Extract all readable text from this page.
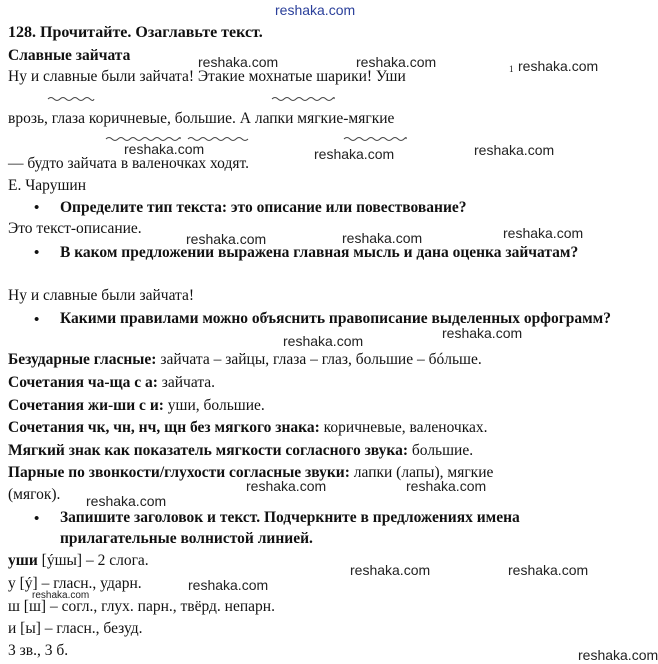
reshaka.com
128. Прочитайте. Озаглавьте текст.
Славные зайчата
Ну и славные были зайчата! Этакие мохнатые шарики! Уши	1
врозь, глаза коричневые, большие. А лапки мягкие-мягкие
— будто зайчата в валеночках ходят.
Е. Чарушин
• Определите тип текста: это описание или повествование?
Это текст-описание.
• В каком предложении выражена главная мысль и дана оценка зайчатам?
Ну и славные были зайчата!
• Какими правилами можно объяснить правописание выделенных орфограмм?
Безударные гласные: зайчата – зайцы, глаза – глаз, большие – бóльше.
Сочетания ча-ща с а: зайчата.
Сочетания жи-ши с и: уши, большие.
Сочетания чк, чн, нч, щн без мягкого знака: коричневые, валеночках.
Мягкий знак как показатель мягкости согласного звука: большие.
Парные по звонкости/глухости согласные звуки: лапки (лапы), мягкие
(мягок).
• Запишите заголовок и текст. Подчеркните в предложениях имена прилагательные волнистой линией.
уши [ýшы] – 2 слога.
у [ý] – гласн., ударн.
ш [ш] – согл., глух. парн., твёрд. непарн.
и [ы] – гласн., безуд.
3 зв., 3 б.
reshaka.com	reshaka.com	reshaka.com
reshaka.com	reshaka.com	reshaka.com
reshaka.com	reshaka.com	reshaka.com
reshaka.com	reshaka.com
reshaka.com	reshaka.com
reshaka.com
reshaka.com	reshaka.com
reshaka.com
reshaka.com
reshaka.com
